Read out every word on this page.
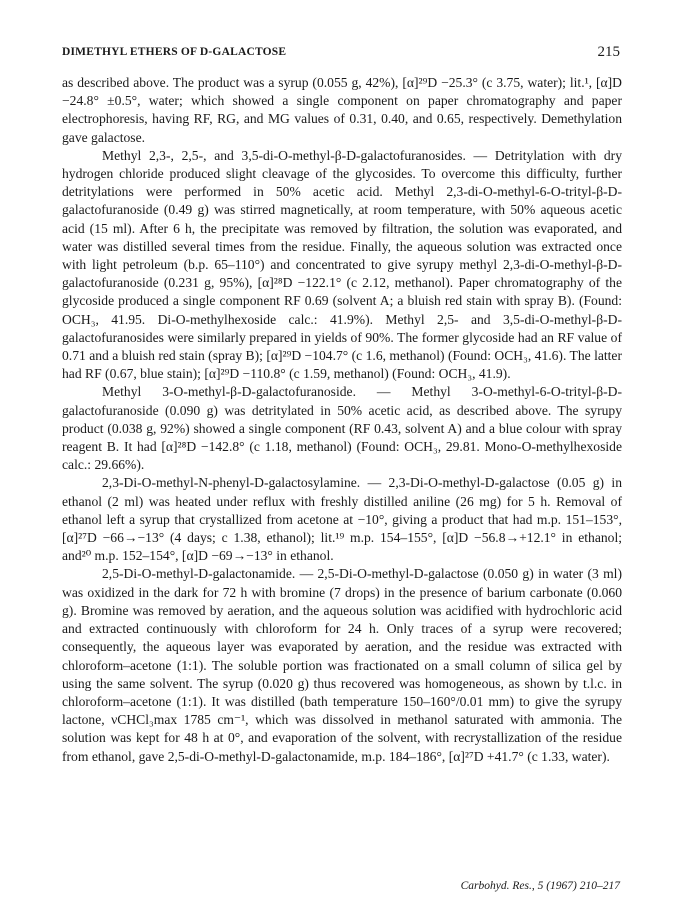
DIMETHYL ETHERS OF D-GALACTOSE	215

as described above. The product was a syrup (0.055 g, 42%), [α]²⁹D −25.3° (c 3.75, water); lit.¹, [α]D −24.8° ±0.5°, water; which showed a single component on paper chromatography and paper electrophoresis, having RF, RG, and MG values of 0.31, 0.40, and 0.65, respectively. Demethylation gave galactose.

Methyl 2,3-, 2,5-, and 3,5-di-O-methyl-β-D-galactofuranosides. — Detritylation with dry hydrogen chloride produced slight cleavage of the glycosides. To overcome this difficulty, further detritylations were performed in 50% acetic acid. Methyl 2,3-di-O-methyl-6-O-trityl-β-D-galactofuranoside (0.49 g) was stirred magnetically, at room temperature, with 50% aqueous acetic acid (15 ml). After 6 h, the precipitate was removed by filtration, the solution was evaporated, and water was distilled several times from the residue. Finally, the aqueous solution was extracted once with light petroleum (b.p. 65–110°) and concentrated to give syrupy methyl 2,3-di-O-methyl-β-D-galactofuranoside (0.231 g, 95%), [α]²⁸D −122.1° (c 2.12, methanol). Paper chromatography of the glycoside produced a single component RF 0.69 (solvent A; a bluish red stain with spray B). (Found: OCH₃, 41.95. Di-O-methylhexoside calc.: 41.9%). Methyl 2,5- and 3,5-di-O-methyl-β-D-galactofuranosides were similarly prepared in yields of 90%. The former glycoside had an RF value of 0.71 and a bluish red stain (spray B); [α]²⁹D −104.7° (c 1.6, methanol) (Found: OCH₃, 41.6). The latter had RF (0.67, blue stain); [α]²⁹D −110.8° (c 1.59, methanol) (Found: OCH₃, 41.9).

Methyl 3-O-methyl-β-D-galactofuranoside. — Methyl 3-O-methyl-6-O-trityl-β-D-galactofuranoside (0.090 g) was detritylated in 50% acetic acid, as described above. The syrupy product (0.038 g, 92%) showed a single component (RF 0.43, solvent A) and a blue colour with spray reagent B. It had [α]²⁸D −142.8° (c 1.18, methanol) (Found: OCH₃, 29.81. Mono-O-methylhexoside calc.: 29.66%).

2,3-Di-O-methyl-N-phenyl-D-galactosylamine. — 2,3-Di-O-methyl-D-galactose (0.05 g) in ethanol (2 ml) was heated under reflux with freshly distilled aniline (26 mg) for 5 h. Removal of ethanol left a syrup that crystallized from acetone at −10°, giving a product that had m.p. 151–153°, [α]²⁷D −66→−13° (4 days; c 1.38, ethanol); lit.¹⁹ m.p. 154–155°, [α]D −56.8→+12.1° in ethanol; and²⁰ m.p. 152–154°, [α]D −69→−13° in ethanol.

2,5-Di-O-methyl-D-galactonamide. — 2,5-Di-O-methyl-D-galactose (0.050 g) in water (3 ml) was oxidized in the dark for 72 h with bromine (7 drops) in the presence of barium carbonate (0.060 g). Bromine was removed by aeration, and the aqueous solution was acidified with hydrochloric acid and extracted continuously with chloroform for 24 h. Only traces of a syrup were recovered; consequently, the aqueous layer was evaporated by aeration, and the residue was extracted with chloroform–acetone (1:1). The soluble portion was fractionated on a small column of silica gel by using the same solvent. The syrup (0.020 g) thus recovered was homogeneous, as shown by t.l.c. in chloroform–acetone (1:1). It was distilled (bath temperature 150–160°/0.01 mm) to give the syrupy lactone, νCHCl₃max 1785 cm⁻¹, which was dissolved in methanol saturated with ammonia. The solution was kept for 48 h at 0°, and evaporation of the solvent, with recrystallization of the residue from ethanol, gave 2,5-di-O-methyl-D-galactonamide, m.p. 184–186°, [α]²⁷D +41.7° (c 1.33, water).

Carbohyd. Res., 5 (1967) 210–217
